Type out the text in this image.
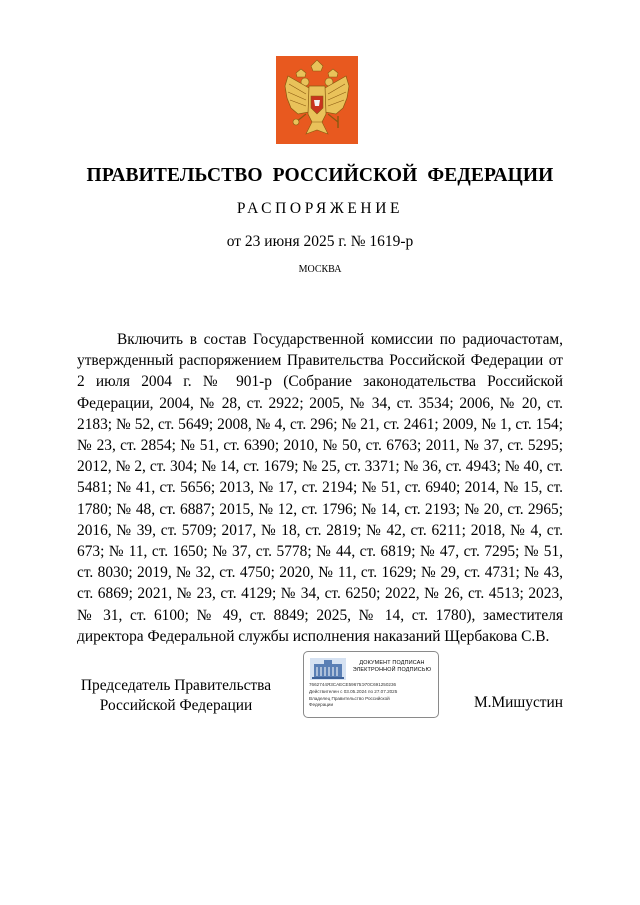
ПРАВИТЕЛЬСТВО РОССИЙСКОЙ ФЕДЕРАЦИИ
РАСПОРЯЖЕНИЕ
от 23 июня 2025 г. № 1619-р
МОСКВА
Включить в состав Государственной комиссии по радиочастотам, утвержденный распоряжением Правительства Российской Федерации от 2 июля 2004 г. № 901-р (Собрание законодательства Российской Федерации, 2004, № 28, ст. 2922; 2005, № 34, ст. 3534; 2006, № 20, ст. 2183; № 52, ст. 5649; 2008, № 4, ст. 296; № 21, ст. 2461; 2009, № 1, ст. 154; № 23, ст. 2854; № 51, ст. 6390; 2010, № 50, ст. 6763; 2011, № 37, ст. 5295; 2012, № 2, ст. 304; № 14, ст. 1679; № 25, ст. 3371; № 36, ст. 4943; № 40, ст. 5481; № 41, ст. 5656; 2013, № 17, ст. 2194; № 51, ст. 6940; 2014, № 15, ст. 1780; № 48, ст. 6887; 2015, № 12, ст. 1796; № 14, ст. 2193; № 20, ст. 2965; 2016, № 39, ст. 5709; 2017, № 18, ст. 2819; № 42, ст. 6211; 2018, № 4, ст. 673; № 11, ст. 1650; № 37, ст. 5778; № 44, ст. 6819; № 47, ст. 7295; № 51, ст. 8030; 2019, № 32, ст. 4750; 2020, № 11, ст. 1629; № 29, ст. 4731; № 43, ст. 6869; 2021, № 23, ст. 4129; № 34, ст. 6250; 2022, № 26, ст. 4513; 2023, № 31, ст. 6100; № 49, ст. 8849; 2025, № 14, ст. 1780), заместителя директора Федеральной службы исполнения наказаний Щербакова С.В.
Председатель Правительства
Российской Федерации
ДОКУМЕНТ ПОДПИСАН
ЭЛЕКТРОННОЙ ПОДПИСЬЮ
7662744Я3CAECE59675Э70C691250236
Действителен с 03.05.2024 по 27.07.2025
Владелец Правительство Российской
Федерации	М.Мишустин
